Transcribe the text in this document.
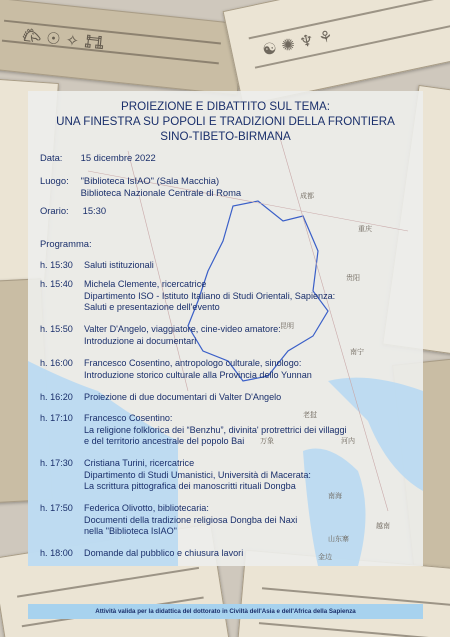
𐂃 ☉ ✧ 𐃀	☯ ✺ ♆ ⚘
成都
重庆
贵阳
昆明
南宁
老挝
河内
万象
越南
南海
金边
山东寨
PROIEZIONE E DIBATTITO SUL TEMA:
UNA FINESTRA SU POPOLI E TRADIZIONI DELLA FRONTIERA
SINO-TIBETO-BIRMANA
Data: 15 dicembre 2022
Luogo: "Biblioteca IsIAO" (Sala Macchia)
Biblioteca Nazionale Centrale di Roma
Orario: 15:30
Programma:
h. 15:30	Saluti istituzionali
h. 15:40	Michela Clemente, ricercatrice
Dipartimento ISO - Istituto Italiano di Studi Orientali, Sapienza:
Saluti e presentazione dell'evento
h. 15:50	Valter D'Angelo, viaggiatore, cine-video amatore:
Introduzione ai documentari
h. 16:00	Francesco Cosentino, antropologo culturale, sinologo:
Introduzione storico culturale alla Provincia dello Yunnan
h. 16:20	Proiezione di due documentari di Valter D'Angelo
h. 17:10	Francesco Cosentino:
La religione folklorica dei “Benzhu”, divinita' protrettrici dei villaggi
e del territorio ancestrale del popolo Bai
h. 17:30	Cristiana Turini, ricercatrice
Dipartimento di Studi Umanistici, Università di Macerata:
La scrittura pittografica dei manoscritti rituali Dongba
h. 17:50	Federica Olivotto, bibliotecaria:
Documenti della tradizione religiosa Dongba dei Naxi
nella "Biblioteca IsIAO"
h. 18:00	Domande dal pubblico e chiusura lavori
Attività valida per la didattica del dottorato in Civiltà dell'Asia e dell'Africa della Sapienza
